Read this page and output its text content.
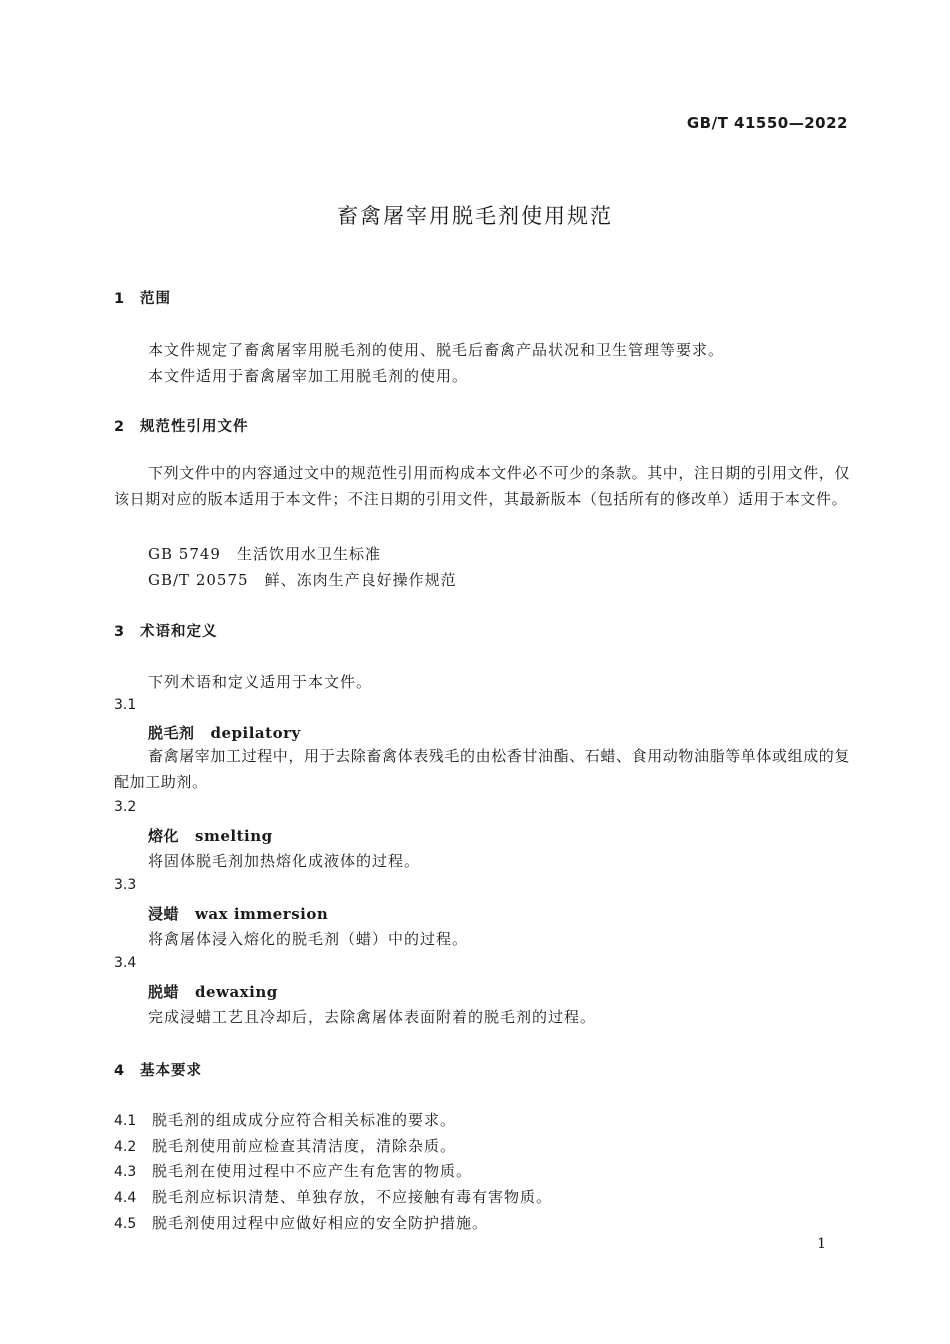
GB/T 41550—2022
畜禽屠宰用脱毛剂使用规范
1 范围
本文件规定了畜禽屠宰用脱毛剂的使用、脱毛后畜禽产品状况和卫生管理等要求。
本文件适用于畜禽屠宰加工用脱毛剂的使用。
2 规范性引用文件
下列文件中的内容通过文中的规范性引用而构成本文件必不可少的条款。其中，注日期的引用文件，仅该日期对应的版本适用于本文件；不注日期的引用文件，其最新版本（包括所有的修改单）适用于本文件。
GB 5749 生活饮用水卫生标准
GB/T 20575 鲜、冻肉生产良好操作规范
3 术语和定义
下列术语和定义适用于本文件。
3.1
脱毛剂 depilatory
畜禽屠宰加工过程中，用于去除畜禽体表残毛的由松香甘油酯、石蜡、食用动物油脂等单体或组成的复配加工助剂。
3.2
熔化 smelting
将固体脱毛剂加热熔化成液体的过程。
3.3
浸蜡 wax immersion
将禽屠体浸入熔化的脱毛剂（蜡）中的过程。
3.4
脱蜡 dewaxing
完成浸蜡工艺且冷却后，去除禽屠体表面附着的脱毛剂的过程。
4 基本要求
4.1 脱毛剂的组成成分应符合相关标准的要求。
4.2 脱毛剂使用前应检查其清洁度，清除杂质。
4.3 脱毛剂在使用过程中不应产生有危害的物质。
4.4 脱毛剂应标识清楚、单独存放，不应接触有毒有害物质。
4.5 脱毛剂使用过程中应做好相应的安全防护措施。
1
